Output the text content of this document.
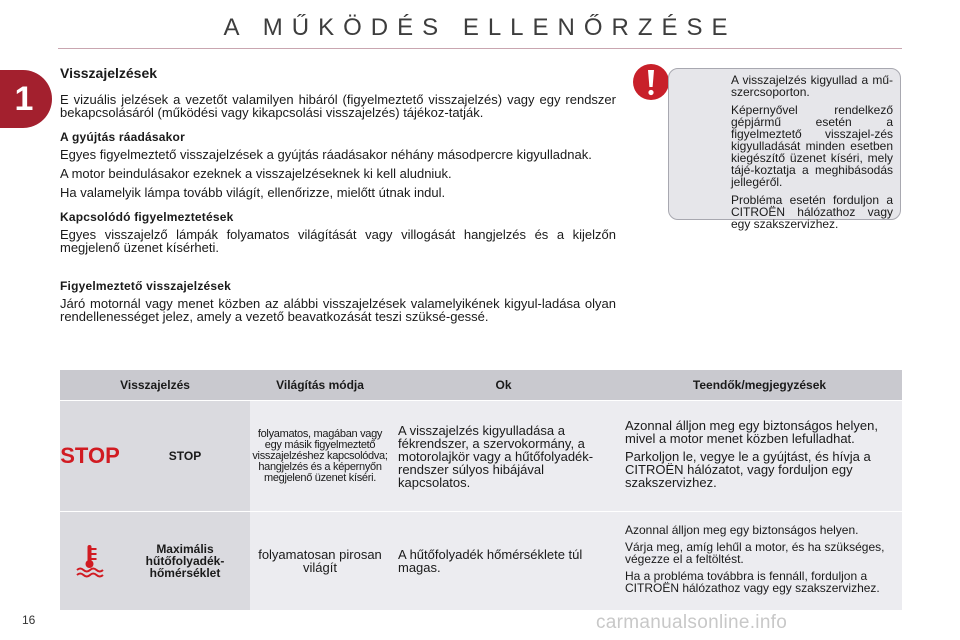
A MŰKÖDÉS ELLENŐRZÉSE
1
16
Visszajelzések

E vizuális jelzések a vezetőt valamilyen hibáról (figyelmeztető visszajelzés) vagy egy rendszer bekapcsolásáról (működési vagy kikapcsolási visszajelzés) tájékoz-tatják.

A gyújtás ráadásakor

Egyes figyelmeztető visszajelzések a gyújtás ráadásakor néhány másodpercre kigyulladnak.

A motor beindulásakor ezeknek a visszajelzéseknek ki kell aludniuk.

Ha valamelyik lámpa tovább világít, ellenőrizze, mielőtt útnak indul.

Kapcsolódó figyelmeztetések

Egyes visszajelző lámpák folyamatos világítását vagy villogását hangjelzés és a kijelzőn megjelenő üzenet kísérheti.

Figyelmeztető visszajelzések

Járó motornál vagy menet közben az alábbi visszajelzések valamelyikének kigyul-ladása olyan rendellenességet jelez, amely a vezető beavatkozását teszi szüksé-gessé.

A visszajelzés kigyullad a mű-szercsoporton.

Képernyővel rendelkező gépjármű esetén a figyelmeztető visszajel-zés kigyulladását minden esetben kiegészítő üzenet kíséri, mely tájé-koztatja a meghibásodás jellegéről.

Probléma esetén forduljon a CITROËN hálózathoz vagy egy szakszervizhez.

Visszajelzés		Világítás módja	Ok	Teendők/megjegyzések

STOP	STOP	folyamatos, magában vagy egy másik figyelmeztető visszajelzéshez kapcsolódva; hangjelzés és a képernyőn megjelenő üzenet kíséri.	A visszajelzés kigyulladása a fékrendszer, a szervokormány, a motorolajkör vagy a hűtőfolyadék-rendszer súlyos hibájával kapcsolatos.	Azonnal álljon meg egy biztonságos helyen, mivel a motor menet közben lefulladhat.

Parkoljon le, vegye le a gyújtást, és hívja a CITROËN hálózatot, vagy forduljon egy szakszervizhez.

	Maximális hűtőfolyadék-hőmérséklet	folyamatosan pirosan világít	A hűtőfolyadék hőmérséklete túl magas.	Azonnal álljon meg egy biztonságos helyen.

Várja meg, amíg lehűl a motor, és ha szükséges, végezze el a feltöltést.

Ha a probléma továbbra is fennáll, forduljon a CITROËN hálózathoz vagy egy szakszervizhez.

carmanualsonline.info
